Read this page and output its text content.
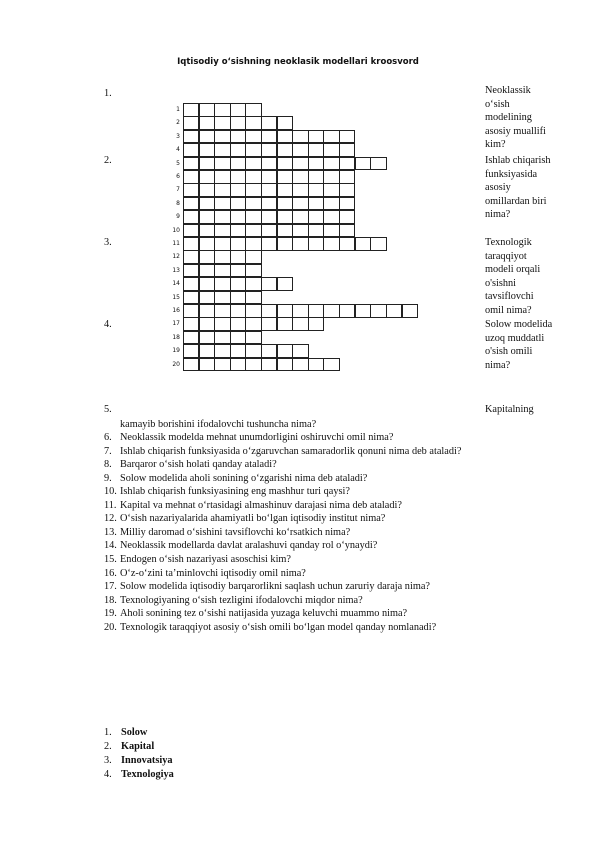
Iqtisodiy o‘sishning neoklasik modellari kroosvord
1.
2.
3.
4.
5.
Neoklassik o‘sish modelining asosiy muallifi kim?
Ishlab chiqarish funksiyasida asosiy omillardan biri nima?
Texnologik taraqqiyot modeli orqali o'sishni tavsiflovchi omil nima?
Solow modelida uzoq muddatli o'sish omili nima?
Kapitalning
1
2
3
4
5
6
7
8
9
10
11
12
13
14
15
16
17
18
19
20
kamayib borishini ifodalovchi tushuncha nima?
6. Neoklassik modelda mehnat unumdorligini oshiruvchi omil nima?
7. Ishlab chiqarish funksiyasida o‘zgaruvchan samaradorlik qonuni nima deb ataladi?
8. Barqaror o‘sish holati qanday ataladi?
9. Solow modelida aholi sonining o‘zgarishi nima deb ataladi?
10. Ishlab chiqarish funksiyasining eng mashhur turi qaysi?
11. Kapital va mehnat o‘rtasidagi almashinuv darajasi nima deb ataladi?
12. O‘sish nazariyalarida ahamiyatli bo‘lgan iqtisodiy institut nima?
13. Milliy daromad o‘sishini tavsiflovchi ko‘rsatkich nima?
14. Neoklassik modellarda davlat aralashuvi qanday rol o‘ynaydi?
15. Endogen o‘sish nazariyasi asoschisi kim?
16. O‘z-o‘zini ta’minlovchi iqtisodiy omil nima?
17. Solow modelida iqtisodiy barqarorlikni saqlash uchun zaruriy daraja nima?
18. Texnologiyaning o‘sish tezligini ifodalovchi miqdor nima?
19. Aholi sonining tez o‘sishi natijasida yuzaga keluvchi muammo nima?
20. Texnologik taraqqiyot asosiy o‘sish omili bo‘lgan model qanday nomlanadi?
1. Solow
2. Kapital
3. Innovatsiya
4. Texnologiya
